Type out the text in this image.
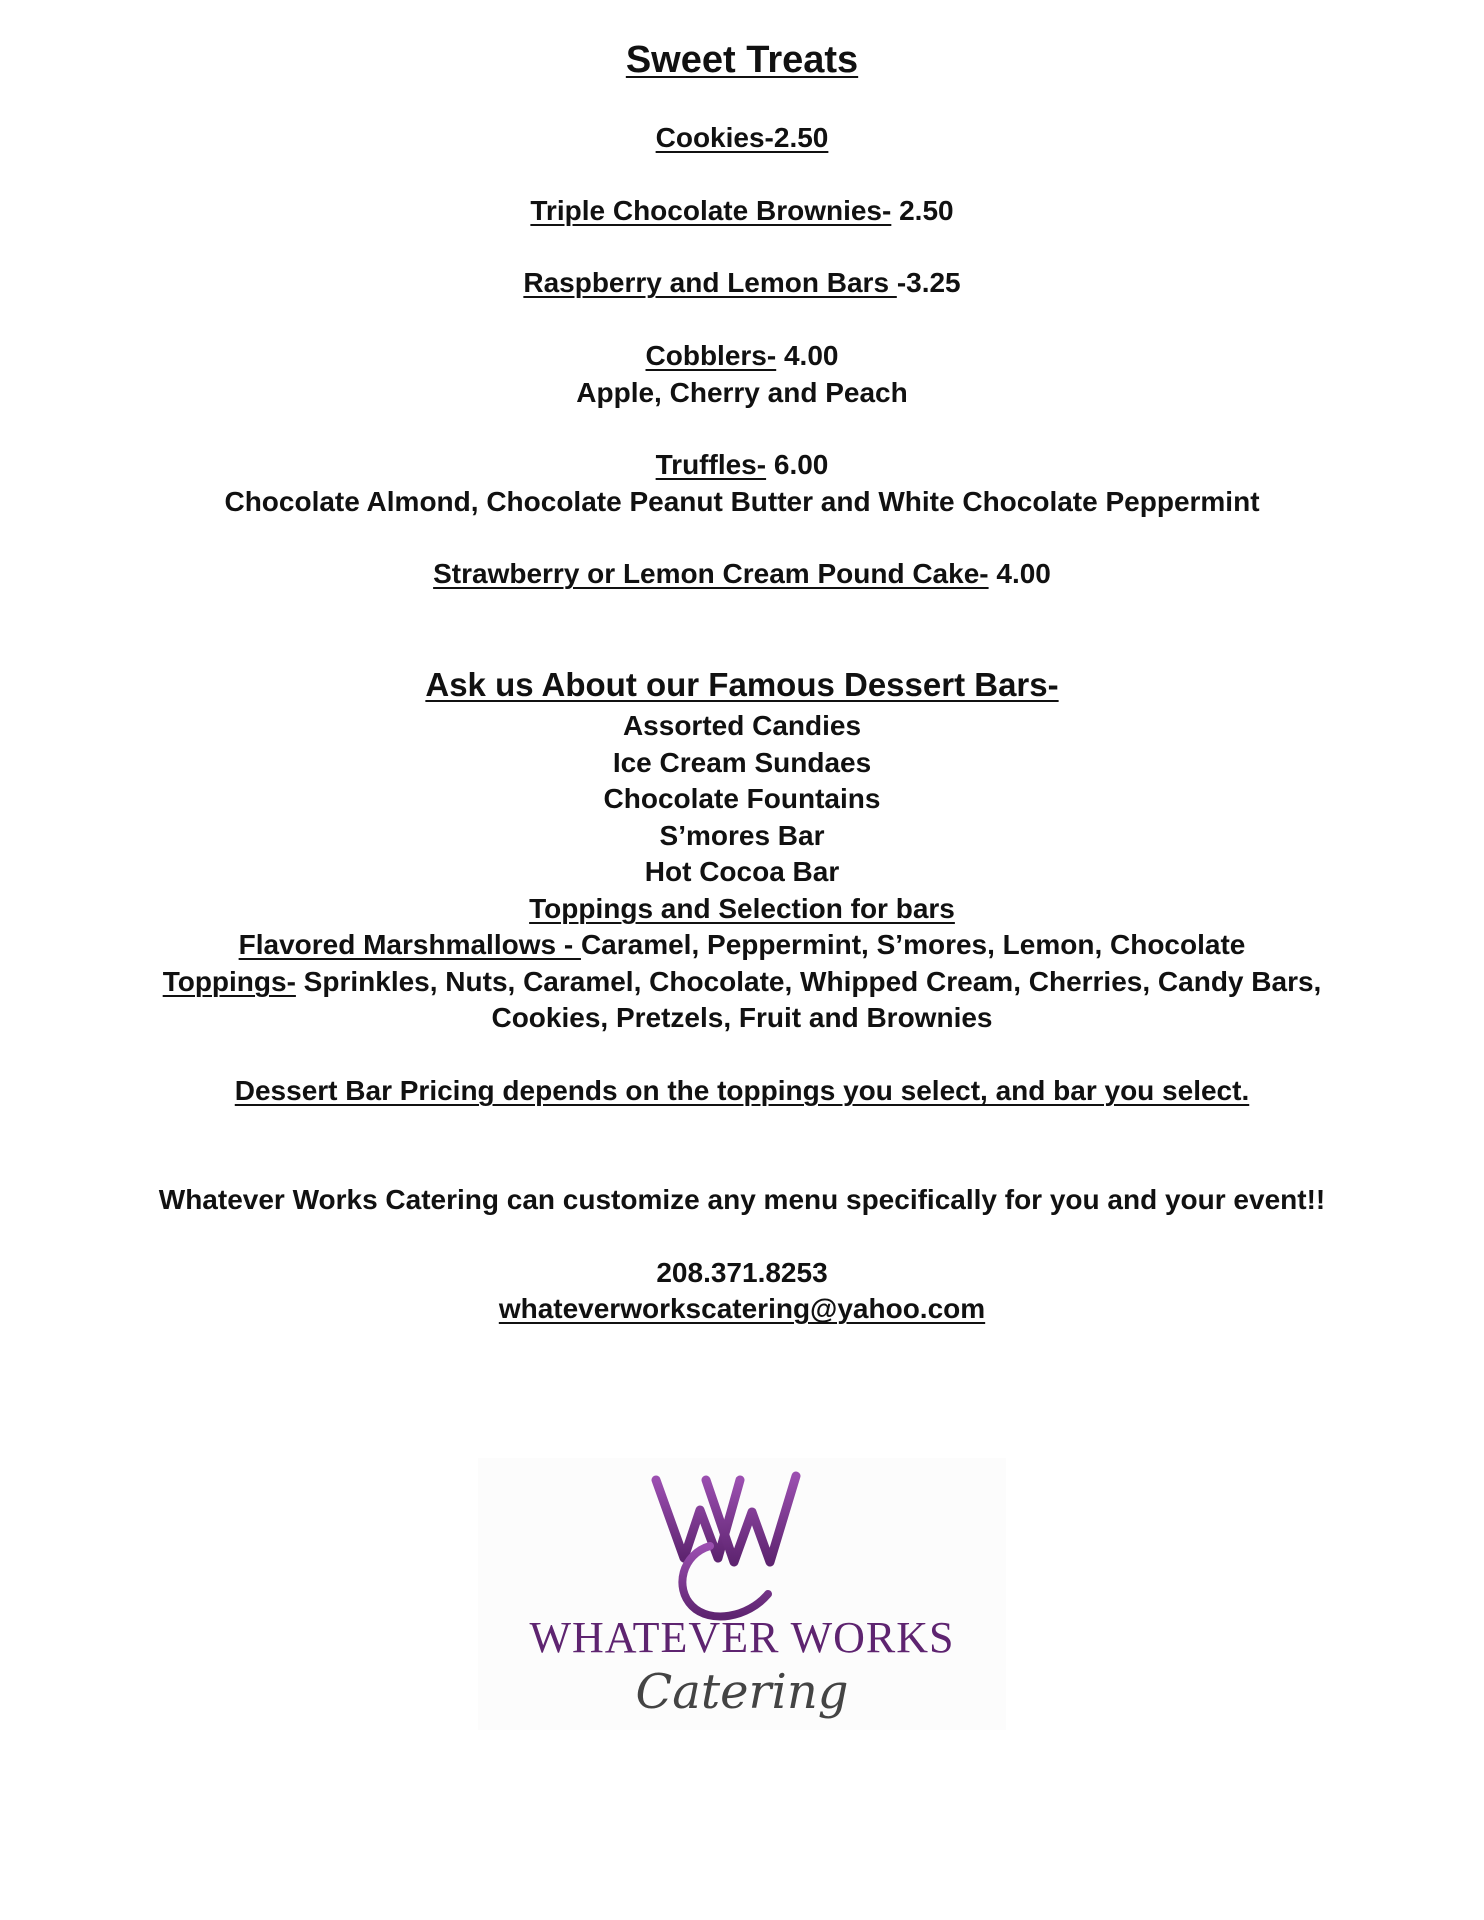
Sweet Treats
Cookies-2.50
Triple Chocolate Brownies- 2.50
Raspberry and Lemon Bars -3.25
Cobblers- 4.00
Apple, Cherry and Peach
Truffles- 6.00
Chocolate Almond, Chocolate Peanut Butter and White Chocolate Peppermint
Strawberry or Lemon Cream Pound Cake- 4.00
Ask us About our Famous Dessert Bars-
Assorted Candies
Ice Cream Sundaes
Chocolate Fountains
S’mores Bar
Hot Cocoa Bar
Toppings and Selection for bars
Flavored Marshmallows - Caramel, Peppermint, S’mores, Lemon, Chocolate
Toppings- Sprinkles, Nuts, Caramel, Chocolate, Whipped Cream, Cherries, Candy Bars,
Cookies, Pretzels, Fruit and Brownies
Dessert Bar Pricing depends on the toppings you select, and bar you select.
Whatever Works Catering can customize any menu specifically for you and your event!!
208.371.8253
whateverworkscatering@yahoo.com
WHATEVER WORKS
Catering
